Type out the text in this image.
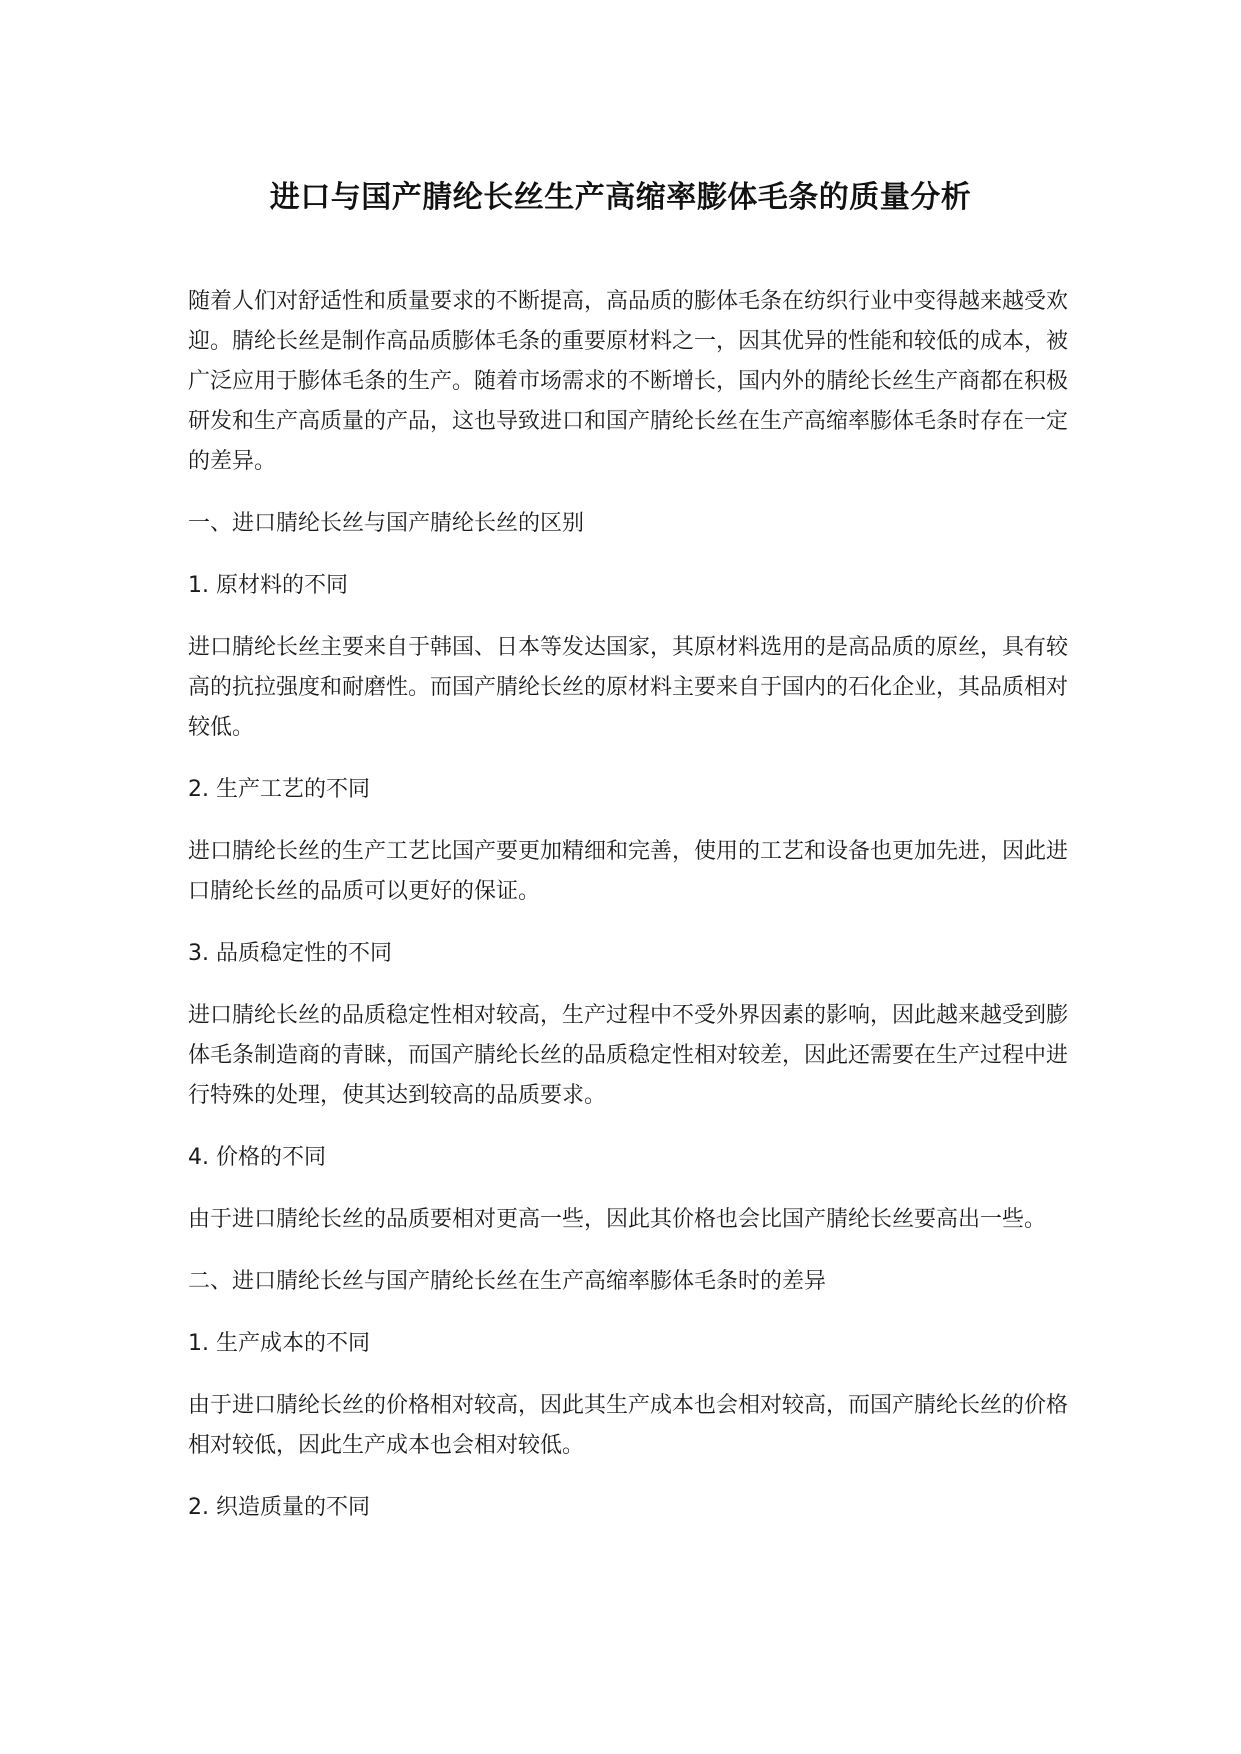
进口与国产腈纶长丝生产高缩率膨体毛条的质量分析

随着人们对舒适性和质量要求的不断提高，高品质的膨体毛条在纺织行业中变得越来越受欢迎。腈纶长丝是制作高品质膨体毛条的重要原材料之一，因其优异的性能和较低的成本，被广泛应用于膨体毛条的生产。随着市场需求的不断增长，国内外的腈纶长丝生产商都在积极研发和生产高质量的产品，这也导致进口和国产腈纶长丝在生产高缩率膨体毛条时存在一定的差异。

一、进口腈纶长丝与国产腈纶长丝的区别

1. 原材料的不同

进口腈纶长丝主要来自于韩国、日本等发达国家，其原材料选用的是高品质的原丝，具有较高的抗拉强度和耐磨性。而国产腈纶长丝的原材料主要来自于国内的石化企业，其品质相对较低。

2. 生产工艺的不同

进口腈纶长丝的生产工艺比国产要更加精细和完善，使用的工艺和设备也更加先进，因此进口腈纶长丝的品质可以更好的保证。

3. 品质稳定性的不同

进口腈纶长丝的品质稳定性相对较高，生产过程中不受外界因素的影响，因此越来越受到膨体毛条制造商的青睐，而国产腈纶长丝的品质稳定性相对较差，因此还需要在生产过程中进行特殊的处理，使其达到较高的品质要求。

4. 价格的不同

由于进口腈纶长丝的品质要相对更高一些，因此其价格也会比国产腈纶长丝要高出一些。

二、进口腈纶长丝与国产腈纶长丝在生产高缩率膨体毛条时的差异

1. 生产成本的不同

由于进口腈纶长丝的价格相对较高，因此其生产成本也会相对较高，而国产腈纶长丝的价格相对较低，因此生产成本也会相对较低。

2. 织造质量的不同
